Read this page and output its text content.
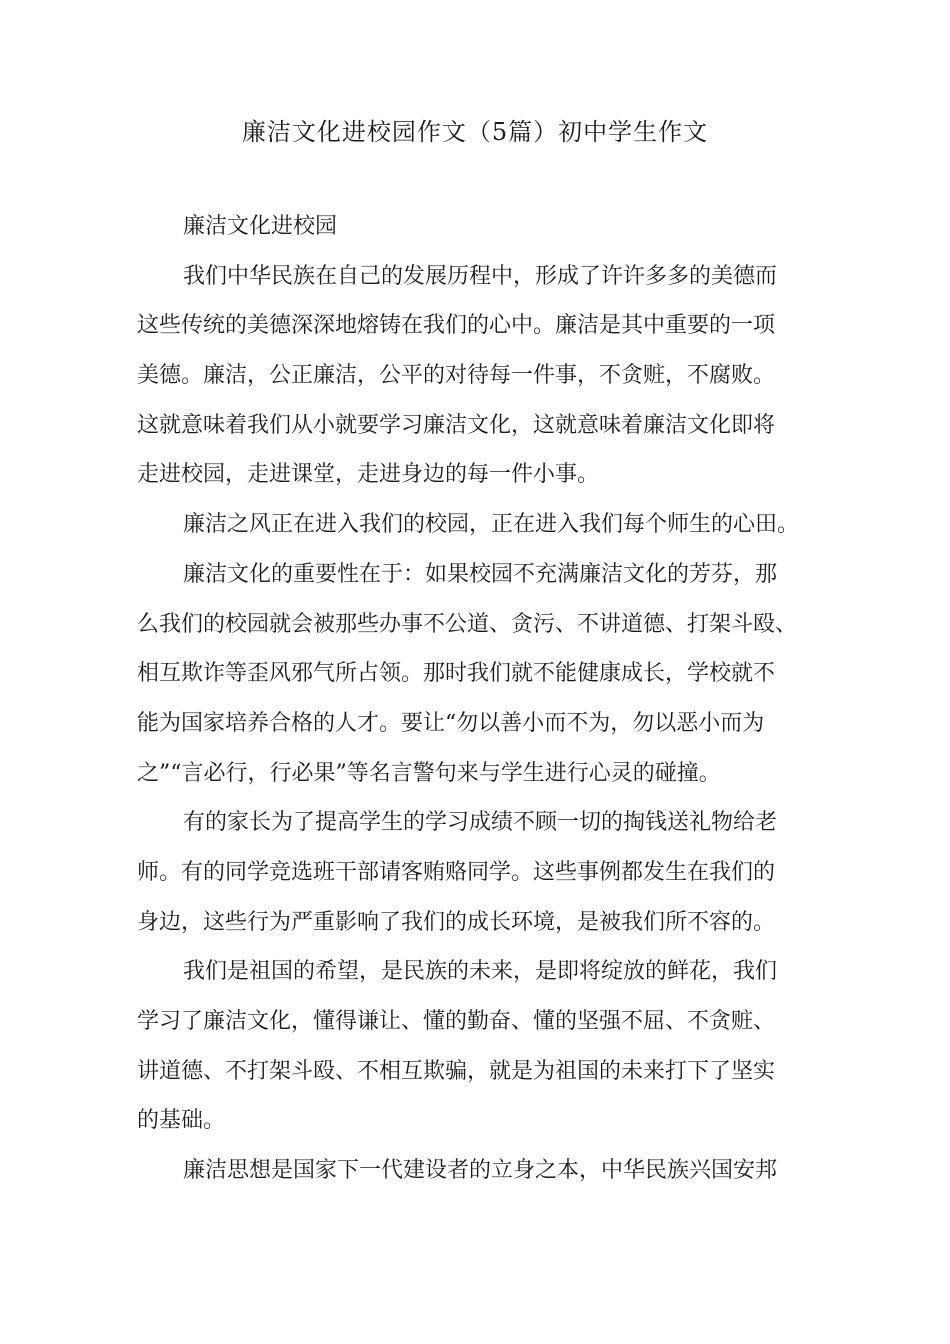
廉洁文化进校园作文（5篇）初中学生作文
廉洁文化进校园
我们中华民族在自己的发展历程中，形成了许许多多的美德而
这些传统的美德深深地熔铸在我们的心中。廉洁是其中重要的一项
美德。廉洁，公正廉洁，公平的对待每一件事，不贪赃，不腐败。
这就意味着我们从小就要学习廉洁文化，这就意味着廉洁文化即将
走进校园，走进课堂，走进身边的每一件小事。
廉洁之风正在进入我们的校园，正在进入我们每个师生的心田。
廉洁文化的重要性在于：如果校园不充满廉洁文化的芳芬，那
么我们的校园就会被那些办事不公道、贪污、不讲道德、打架斗殴、
相互欺诈等歪风邪气所占领。那时我们就不能健康成长，学校就不
能为国家培养合格的人才。要让“勿以善小而不为，勿以恶小而为
之”“言必行，行必果”等名言警句来与学生进行心灵的碰撞。
有的家长为了提高学生的学习成绩不顾一切的掏钱送礼物给老
师。有的同学竞选班干部请客贿赂同学。这些事例都发生在我们的
身边，这些行为严重影响了我们的成长环境，是被我们所不容的。
我们是祖国的希望，是民族的未来，是即将绽放的鲜花，我们
学习了廉洁文化，懂得谦让、懂的勤奋、懂的坚强不屈、不贪赃、
讲道德、不打架斗殴、不相互欺骗，就是为祖国的未来打下了坚实
的基础。
廉洁思想是国家下一代建设者的立身之本，中华民族兴国安邦
